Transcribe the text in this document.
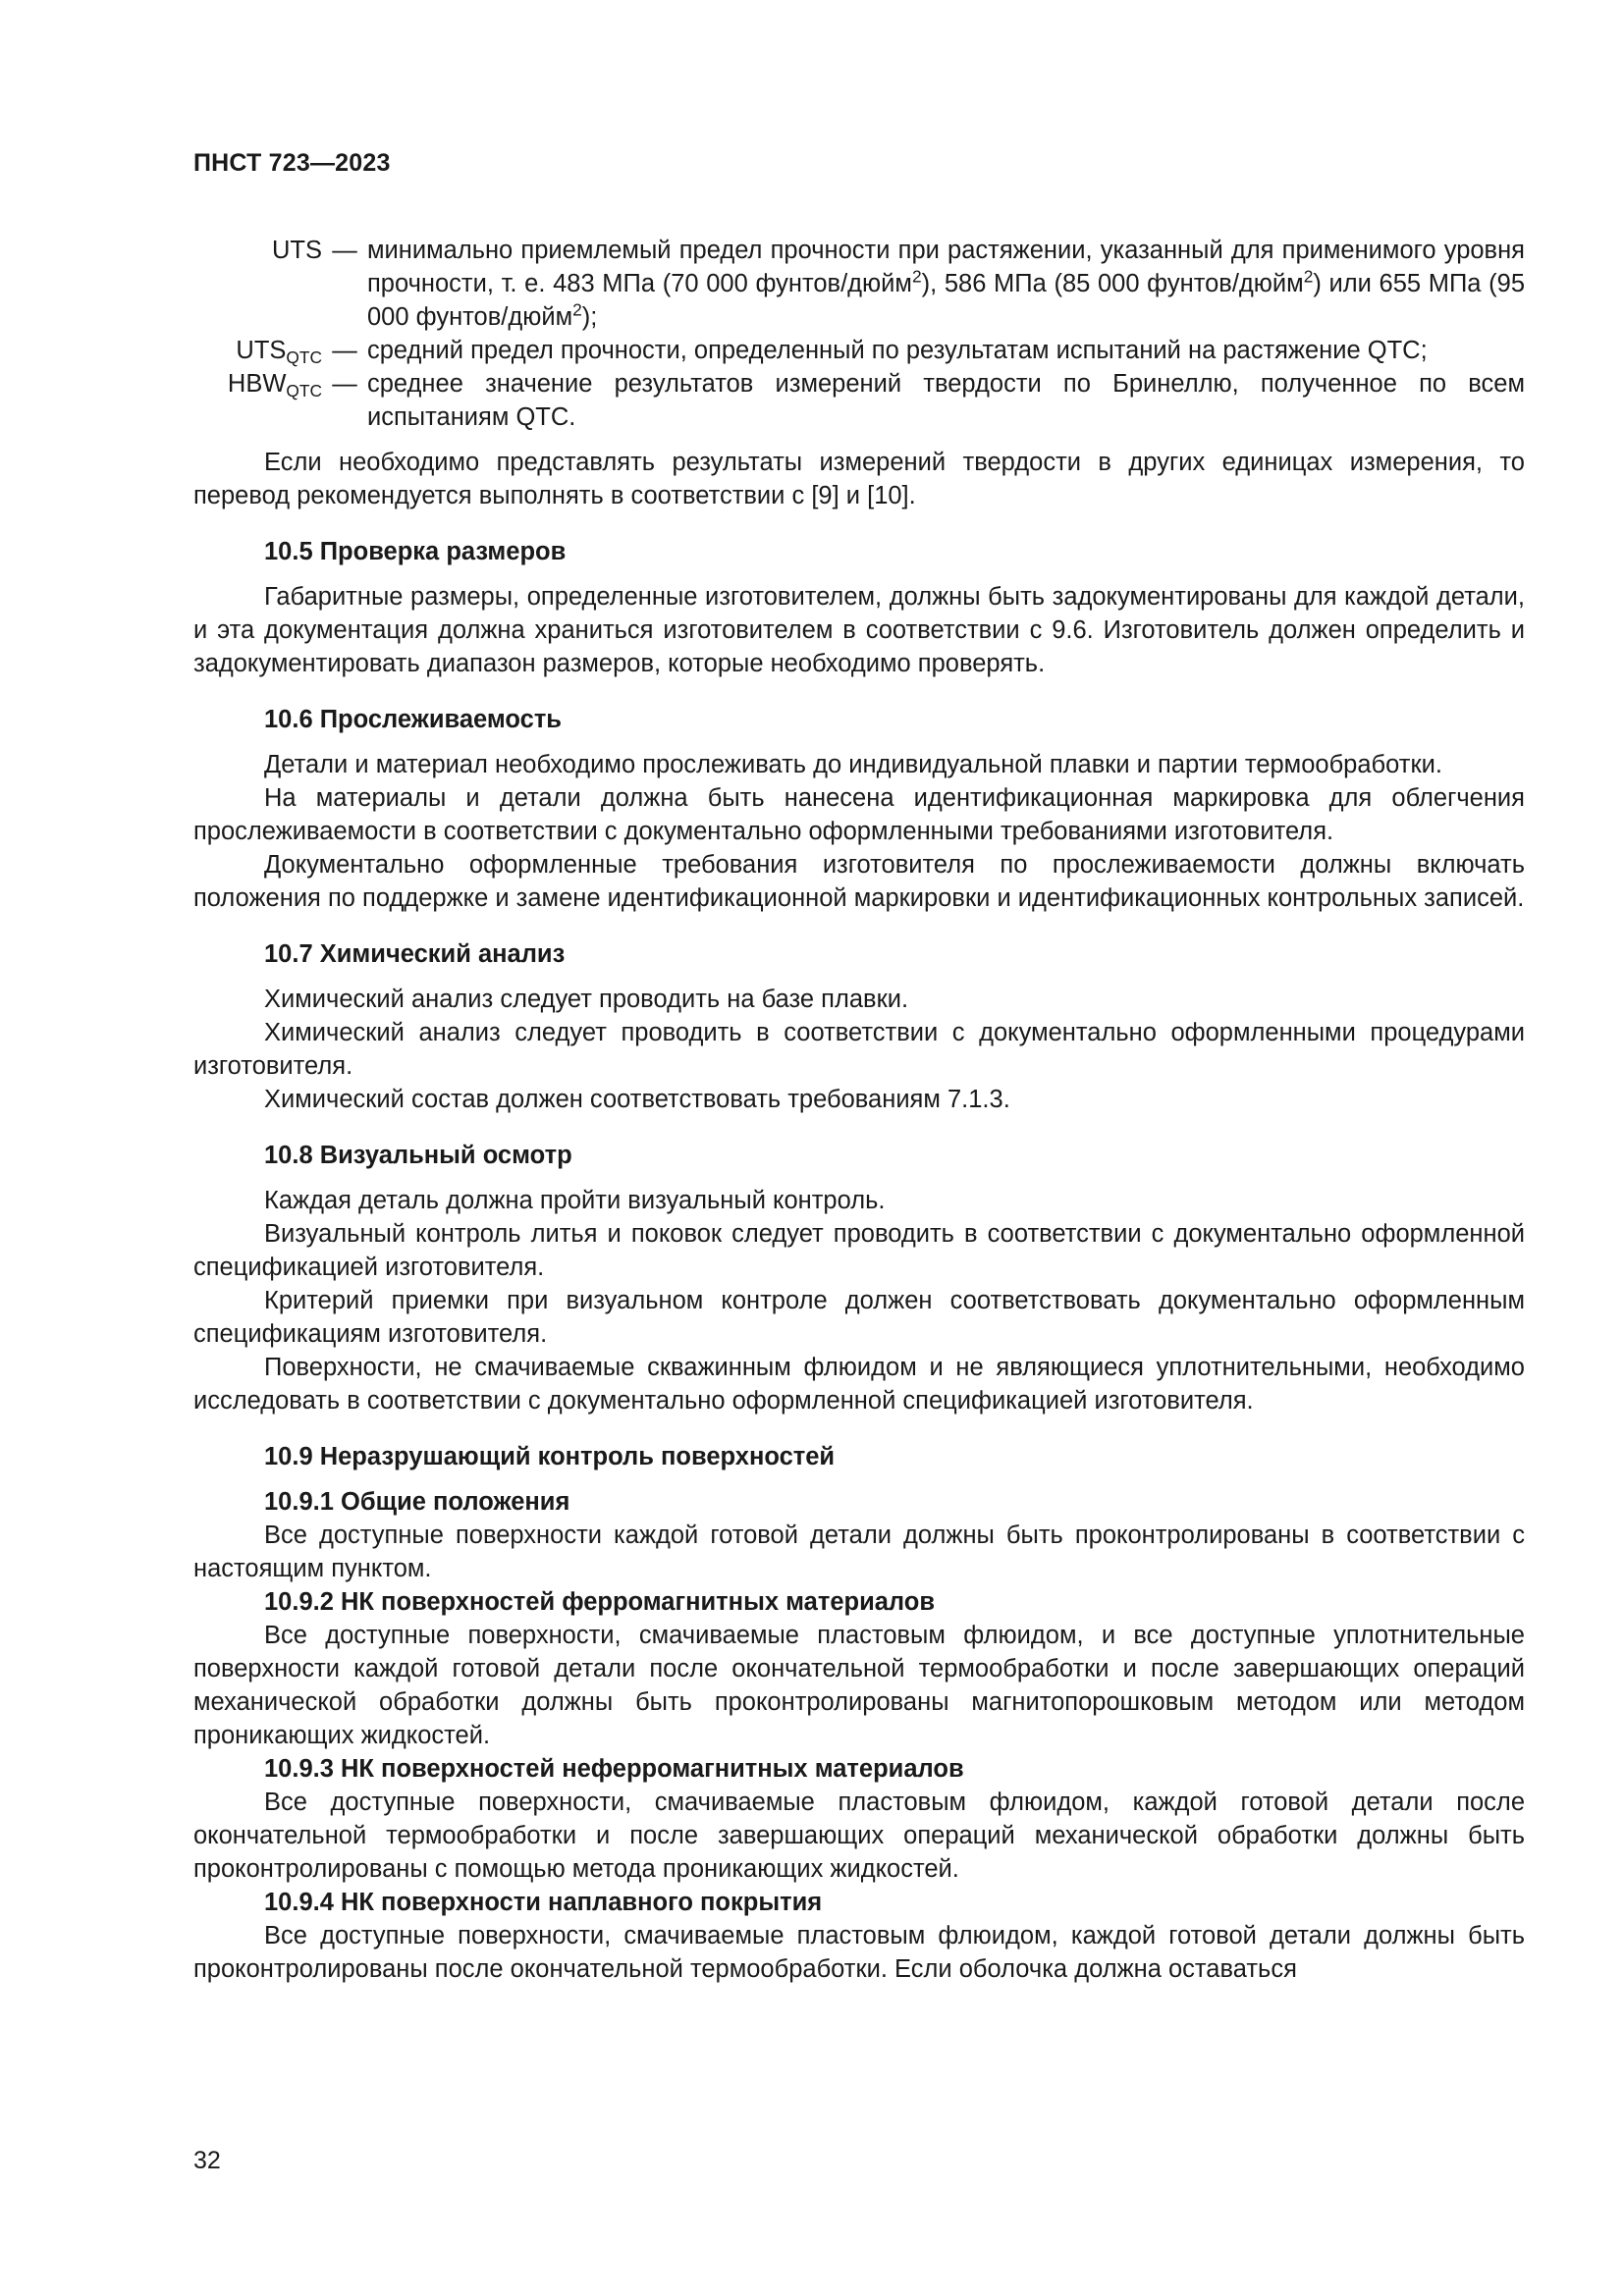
ПНСТ 723—2023
UTS	—	минимально приемлемый предел прочности при растяжении, указанный для применимого уровня прочности, т. е. 483 МПа (70 000 фунтов/дюйм$^2$), 586 МПа (85 000 фунтов/дюйм$^2$) или 655 МПа (95 000 фунтов/дюйм$^2$);
$UTS_{QTC}$	—	средний предел прочности, определенный по результатам испытаний на растяжение QTC;
$HBW_{QTC}$	—	среднее значение результатов измерений твердости по Бринеллю, полученное по всем испытаниям QTC.

Если необходимо представлять результаты измерений твердости в других единицах измерения, то перевод рекомендуется выполнять в соответствии с [9] и [10].

10.5 Проверка размеров

Габаритные размеры, определенные изготовителем, должны быть задокументированы для каждой детали, и эта документация должна храниться изготовителем в соответствии с 9.6. Изготовитель должен определить и задокументировать диапазон размеров, которые необходимо проверять.

10.6 Прослеживаемость

Детали и материал необходимо прослеживать до индивидуальной плавки и партии термообработки.

На материалы и детали должна быть нанесена идентификационная маркировка для облегчения прослеживаемости в соответствии с документально оформленными требованиями изготовителя.

Документально оформленные требования изготовителя по прослеживаемости должны включать положения по поддержке и замене идентификационной маркировки и идентификационных контрольных записей.

10.7 Химический анализ

Химический анализ следует проводить на базе плавки.

Химический анализ следует проводить в соответствии с документально оформленными процедурами изготовителя.

Химический состав должен соответствовать требованиям 7.1.3.

10.8 Визуальный осмотр

Каждая деталь должна пройти визуальный контроль.

Визуальный контроль литья и поковок следует проводить в соответствии с документально оформленной спецификацией изготовителя.

Критерий приемки при визуальном контроле должен соответствовать документально оформленным спецификациям изготовителя.

Поверхности, не смачиваемые скважинным флюидом и не являющиеся уплотнительными, необходимо исследовать в соответствии с документально оформленной спецификацией изготовителя.

10.9 Неразрушающий контроль поверхностей
10.9.1 Общие положения

Все доступные поверхности каждой готовой детали должны быть проконтролированы в соответствии с настоящим пунктом.

10.9.2 НК поверхностей ферромагнитных материалов

Все доступные поверхности, смачиваемые пластовым флюидом, и все доступные уплотнительные поверхности каждой готовой детали после окончательной термообработки и после завершающих операций механической обработки должны быть проконтролированы магнитопорошковым методом или методом проникающих жидкостей.

10.9.3 НК поверхностей неферромагнитных материалов

Все доступные поверхности, смачиваемые пластовым флюидом, каждой готовой детали после окончательной термообработки и после завершающих операций механической обработки должны быть проконтролированы с помощью метода проникающих жидкостей.

10.9.4 НК поверхности наплавного покрытия

Все доступные поверхности, смачиваемые пластовым флюидом, каждой готовой детали должны быть проконтролированы после окончательной термообработки. Если оболочка должна оставаться

32
